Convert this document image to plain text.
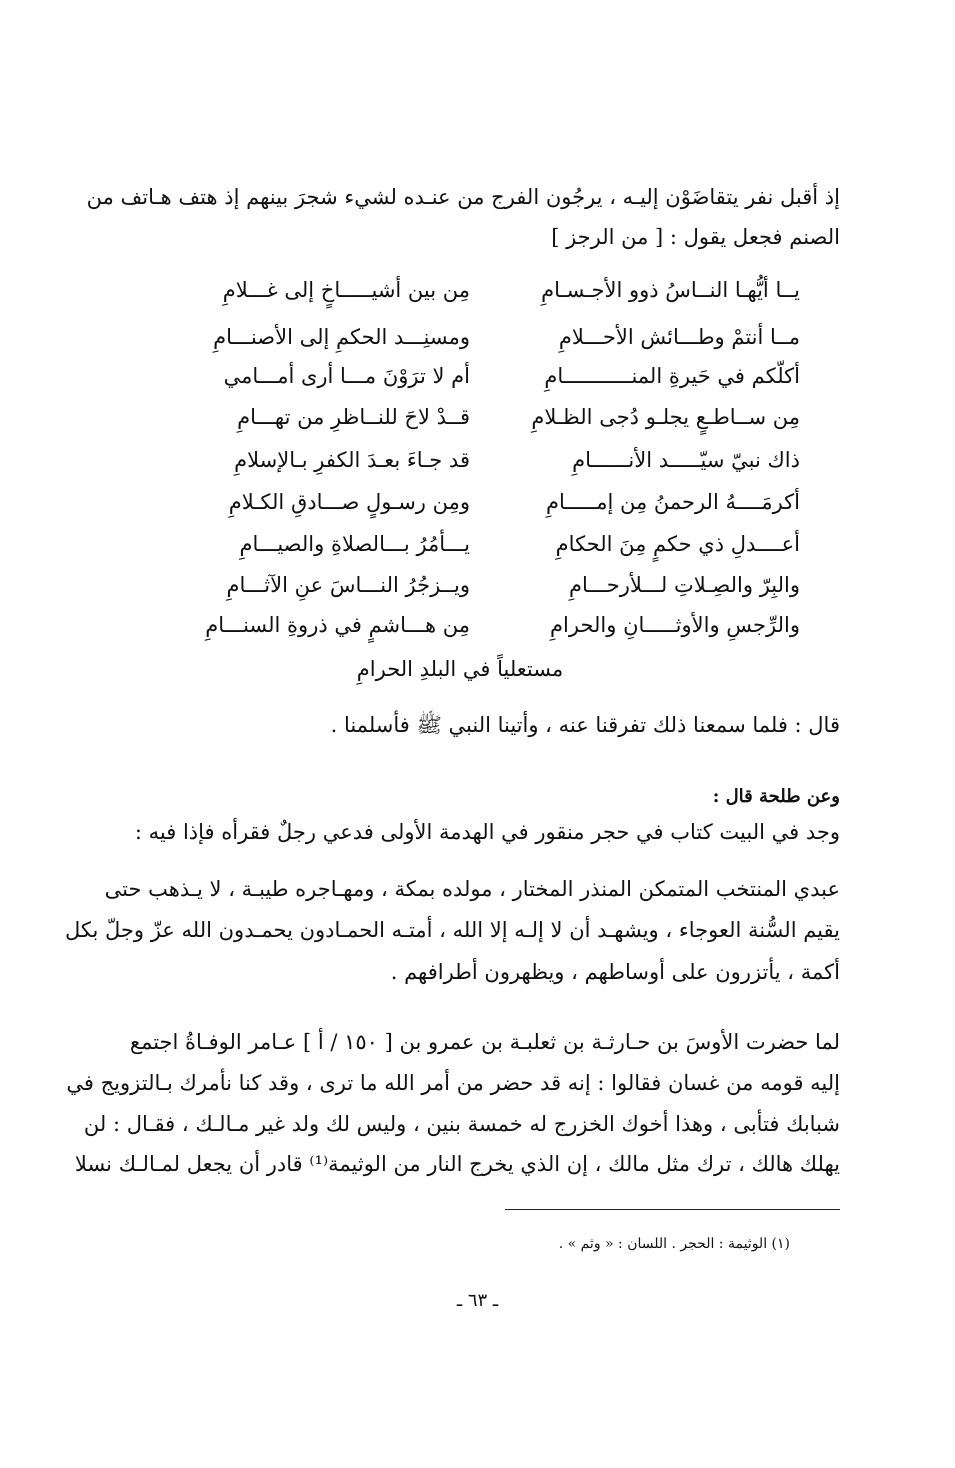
إذ أقبل نفر يتقاضَوْن إليـه ، يرجُون الفرج من عنـده لشيء شجرَ بينهم إذ هتف هـاتف من

الصنم فجعل يقول : [ من الرجز ]

يــا أيُّهـا النــاسُ ذوو الأجـسـامِ
مِن بين أشيـــــاخٍ إلى غـــلامِ
مــا أنتمْ وطـــائش الأحـــلامِ
ومسنِـــد الحكمِ إلى الأصنـــامِ
أكلّكم في حَيرةِ المنـــــــــــامِ
أم لا ترَوْنَ مـــا أرى أمـــامي
مِن ســاطـعٍ يجلـو دُجى الظـلامِ
قــدْ لاحَ للنــاظرِ من تهـــامِ
ذاك نبيّ سيّـــــد الأنــــــامِ
قد جـاءَ بعـدَ الكفرِ بـالإسلامِ
أكرمَــــهُ الرحمنُ مِن إمـــــامِ
ومِن رسـولٍ صـــادقِ الكـلامِ
أعــــدلِ ذي حكمٍ مِنَ الحكامِ
يـــأمُرُ بـــالصلاةِ والصيـــامِ
والبِرّ والصِـلاتِ لـــلأرحـــامِ
ويــزجُرُ النـــاسَ عنِ الآثـــامِ
والرِّجسِ والأوثـــــانِ والحرامِ
مِن هـــاشمٍ في ذروةِ السنـــامِ
مستعلياً في البلدِ الحرامِ

قال : فلما سمعنا ذلك تفرقنا عنه ، وأتينا النبي ﷺ فأسلمنا .

وعن طلحة قال :

وجد في البيت كتاب في حجر منقور في الهدمة الأولى فدعي رجلٌ فقرأه فإذا فيه :

عبدي المنتخب المتمكن المنذر المختار ، مولده بمكة ، ومهـاجره طيبـة ، لا يـذهب حتى

يقيم السُّنة العوجاء ، ويشهـد أن لا إلـه إلا الله ، أمتـه الحمـادون يحمـدون الله عزّ وجلّ بكل

أكمة ، يأتزرون على أوساطهم ، ويظهرون أطرافهم .

لما حضرت الأوسَ بن حـارثـة بن ثعلبـة بن عمرو بن [ ١٥٠ / أ ] عـامر الوفـاةُ اجتمع

إليه قومه من غسان فقالوا : إنه قد حضر من أمر الله ما ترى ، وقد كنا نأمرك بـالتزويج في

شبابك فتأبى ، وهذا أخوك الخزرج له خمسة بنين ، وليس لك ولد غير مـالـك ، فقـال : لن

يهلك هالك ، ترك مثل مالك ، إن الذي يخرج النار من الوثيمة⁽¹⁾ قادر أن يجعل لمـالـك نسلا

(١) الوثيمة : الحجر . اللسان : « وثم » .
ـ ٦٣ ـ
